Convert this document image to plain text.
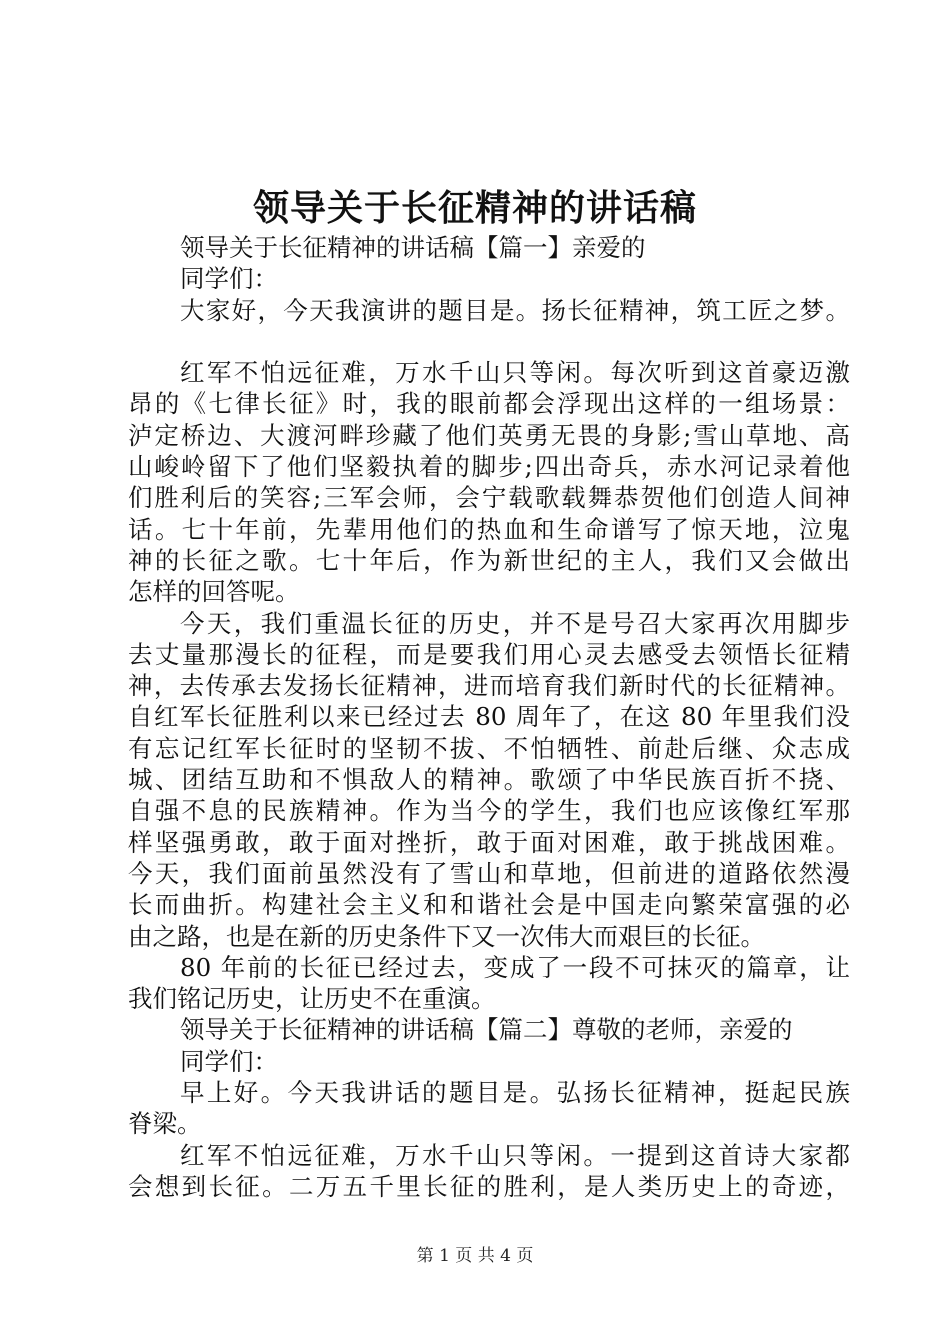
领导关于长征精神的讲话稿
领导关于长征精神的讲话稿【篇一】亲爱的
同学们：
大家好，今天我演讲的题目是。扬长征精神，筑工匠之梦。
红军不怕远征难，万水千山只等闲。每次听到这首豪迈激
昂的《七律长征》时，我的眼前都会浮现出这样的一组场景：
泸定桥边、大渡河畔珍藏了他们英勇无畏的身影;雪山草地、高
山峻岭留下了他们坚毅执着的脚步;四出奇兵，赤水河记录着他
们胜利后的笑容;三军会师，会宁载歌载舞恭贺他们创造人间神
话。七十年前，先辈用他们的热血和生命谱写了惊天地，泣鬼
神的长征之歌。七十年后，作为新世纪的主人，我们又会做出
怎样的回答呢。
今天，我们重温长征的历史，并不是号召大家再次用脚步
去丈量那漫长的征程，而是要我们用心灵去感受去领悟长征精
神，去传承去发扬长征精神，进而培育我们新时代的长征精神。
自红军长征胜利以来已经过去 80 周年了，在这 80 年里我们没
有忘记红军长征时的坚韧不拔、不怕牺牲、前赴后继、众志成
城、团结互助和不惧敌人的精神。歌颂了中华民族百折不挠、
自强不息的民族精神。作为当今的学生，我们也应该像红军那
样坚强勇敢，敢于面对挫折，敢于面对困难，敢于挑战困难。
今天，我们面前虽然没有了雪山和草地，但前进的道路依然漫
长而曲折。构建社会主义和和谐社会是中国走向繁荣富强的必
由之路，也是在新的历史条件下又一次伟大而艰巨的长征。
80 年前的长征已经过去，变成了一段不可抹灭的篇章，让
我们铭记历史，让历史不在重演。
领导关于长征精神的讲话稿【篇二】尊敬的老师，亲爱的
同学们：
早上好。今天我讲话的题目是。弘扬长征精神，挺起民族
脊梁。
红军不怕远征难，万水千山只等闲。一提到这首诗大家都
会想到长征。二万五千里长征的胜利，是人类历史上的奇迹，
第 1 页 共 4 页
